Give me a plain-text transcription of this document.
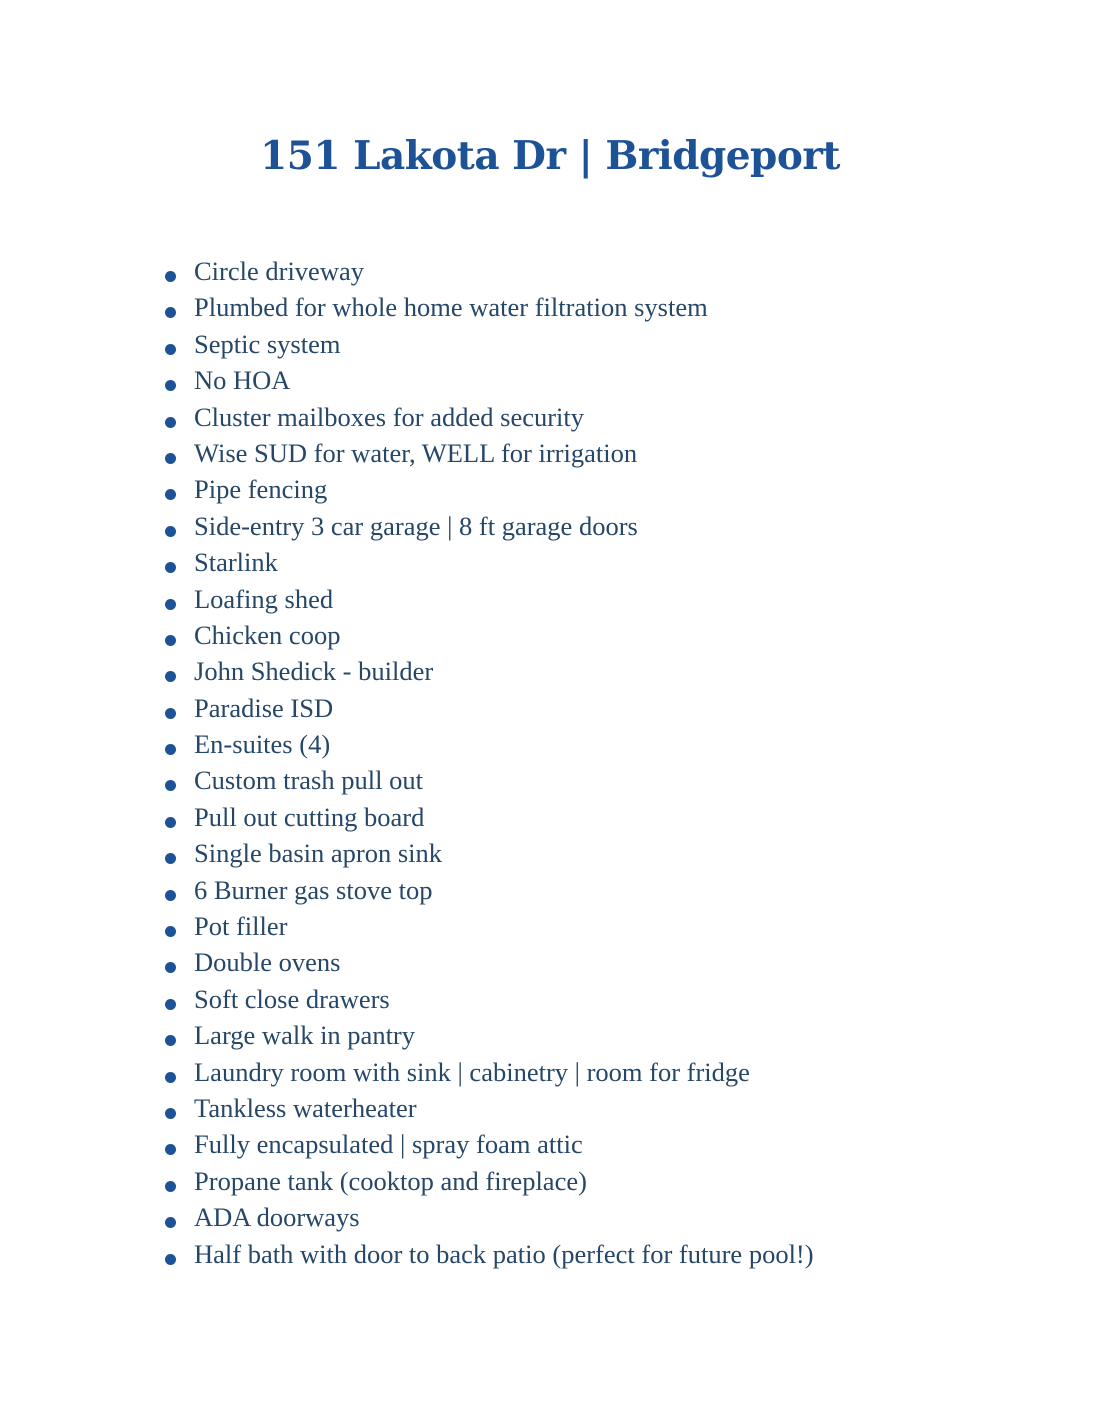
151 Lakota Dr | Bridgeport
Circle driveway
Plumbed for whole home water filtration system
Septic system
No HOA
Cluster mailboxes for added security
Wise SUD for water, WELL for irrigation
Pipe fencing
Side-entry 3 car garage | 8 ft garage doors
Starlink
Loafing shed
Chicken coop
John Shedick - builder
Paradise ISD
En-suites (4)
Custom trash pull out
Pull out cutting board
Single basin apron sink
6 Burner gas stove top
Pot filler
Double ovens
Soft close drawers
Large walk in pantry
Laundry room with sink | cabinetry | room for fridge
Tankless waterheater
Fully encapsulated | spray foam attic
Propane tank (cooktop and fireplace)
ADA doorways
Half bath with door to back patio (perfect for future pool!)
